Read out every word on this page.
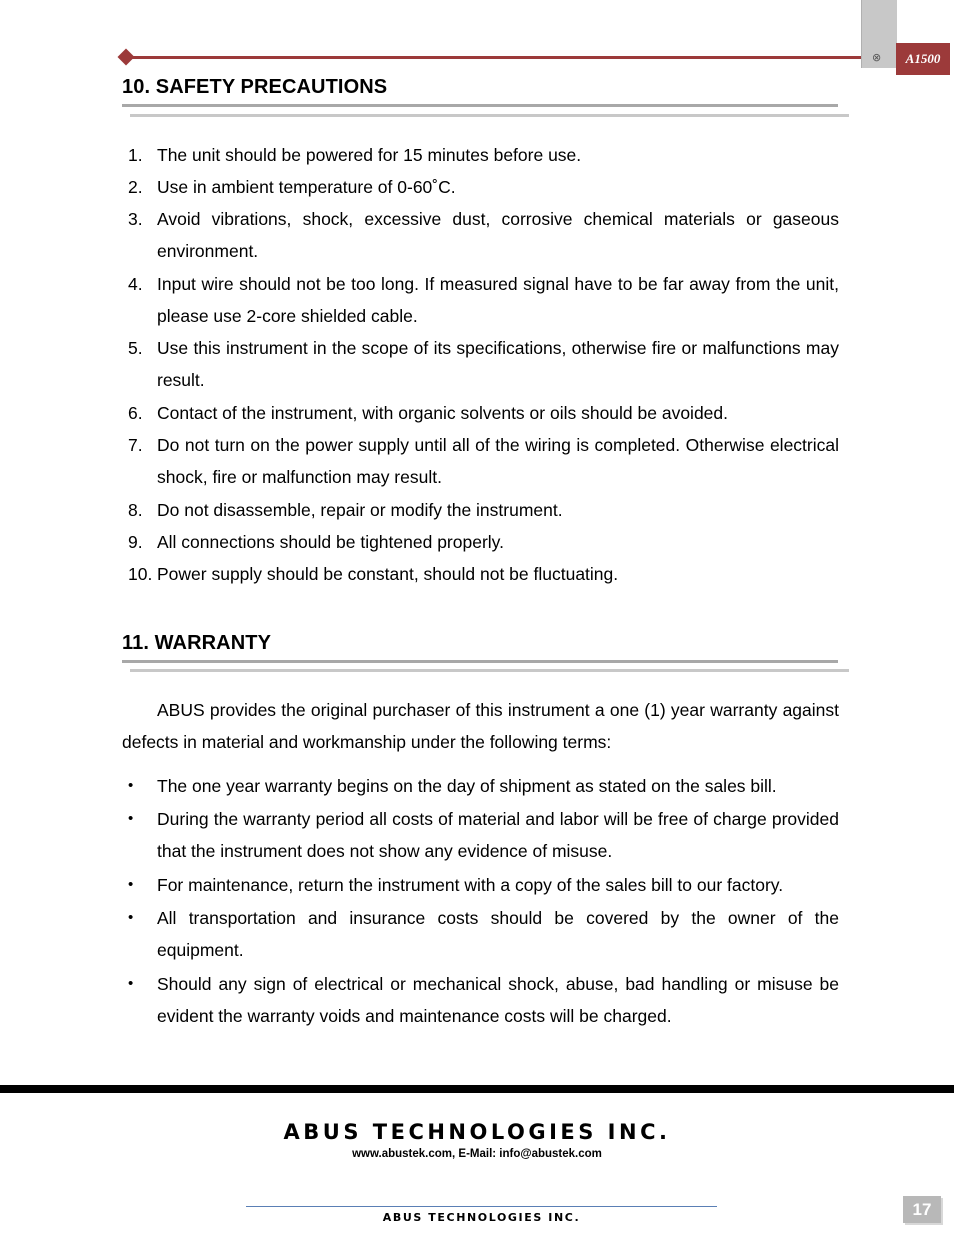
⊗	A1500
10. SAFETY PRECAUTIONS
1. The unit should be powered for 15 minutes before use.
2. Use in ambient temperature of 0-60˚C.
3. Avoid vibrations, shock, excessive dust, corrosive chemical materials or gaseous environment.
4. Input wire should not be too long. If measured signal have to be far away from the unit, please use 2-core shielded cable.
5. Use this instrument in the scope of its specifications, otherwise fire or malfunctions may result.
6. Contact of the instrument, with organic solvents or oils should be avoided.
7. Do not turn on the power supply until all of the wiring is completed. Otherwise electrical shock, fire or malfunction may result.
8. Do not disassemble, repair or modify the instrument.
9. All connections should be tightened properly.
10. Power supply should be constant, should not be fluctuating.
11. WARRANTY
ABUS provides the original purchaser of this instrument a one (1) year warranty against defects in material and workmanship under the following terms:
• The one year warranty begins on the day of shipment as stated on the sales bill.
• During the warranty period all costs of material and labor will be free of charge provided that the instrument does not show any evidence of misuse.
• For maintenance, return the instrument with a copy of the sales bill to our factory.
• All transportation and insurance costs should be covered by the owner of the equipment.
• Should any sign of electrical or mechanical shock, abuse, bad handling or misuse be evident the warranty voids and maintenance costs will be charged.
ABUS TECHNOLOGIES INC.
www.abustek.com, E-Mail: info@abustek.com
ABUS TECHNOLOGIES INC.	17
